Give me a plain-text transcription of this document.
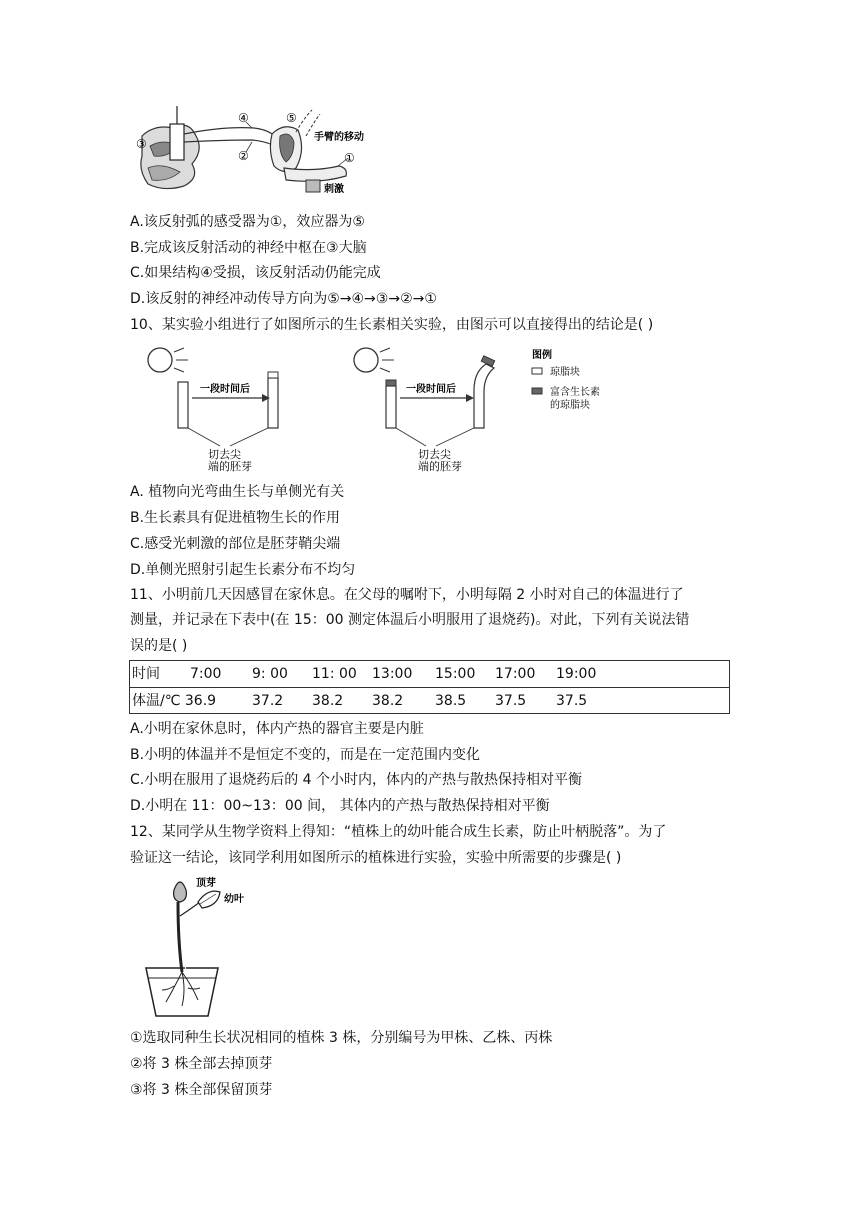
④	⑤
②
③
①
手臂的移动
刺激
A.该反射弧的感受器为①，效应器为⑤
B.完成该反射活动的神经中枢在③大脑
C.如果结构④受损，该反射活动仍能完成
D.该反射的神经冲动传导方向为⑤→④→③→②→①
10、某实验小组进行了如图所示的生长素相关实验，由图示可以直接得出的结论是( )
一段时间后
切去尖
端的胚芽
一段时间后
切去尖
端的胚芽
图例
琼脂块
富含生长素
的琼脂块
A. 植物向光弯曲生长与单侧光有关
B.生长素具有促进植物生长的作用
C.感受光刺激的部位是胚芽鞘尖端
D.单侧光照射引起生长素分布不均匀
11、小明前几天因感冒在家休息。在父母的嘱咐下，小明每隔 2 小时对自己的体温进行了
测量，并记录在下表中(在 15：00 测定体温后小明服用了退烧药)。对此，下列有关说法错
误的是( )
时间 7:00 9: 00 11: 00 13:00 15:00 17:00 19:00
体温/℃ 36.9	37.2 38.2 38.2 38.5 37.5 37.5
A.小明在家休息时，体内产热的器官主要是内脏
B.小明的体温并不是恒定不变的，而是在一定范围内变化
C.小明在服用了退烧药后的 4 个小时内，体内的产热与散热保持相对平衡
D.小明在 11：00~13：00 间， 其体内的产热与散热保持相对平衡
12、某同学从生物学资料上得知：“植株上的幼叶能合成生长素，防止叶柄脱落”。为了
验证这一结论，该同学利用如图所示的植株进行实验，实验中所需要的步骤是( )
顶芽
幼叶
①选取同种生长状况相同的植株 3 株，分别编号为甲株、乙株、丙株
②将 3 株全部去掉顶芽
③将 3 株全部保留顶芽
